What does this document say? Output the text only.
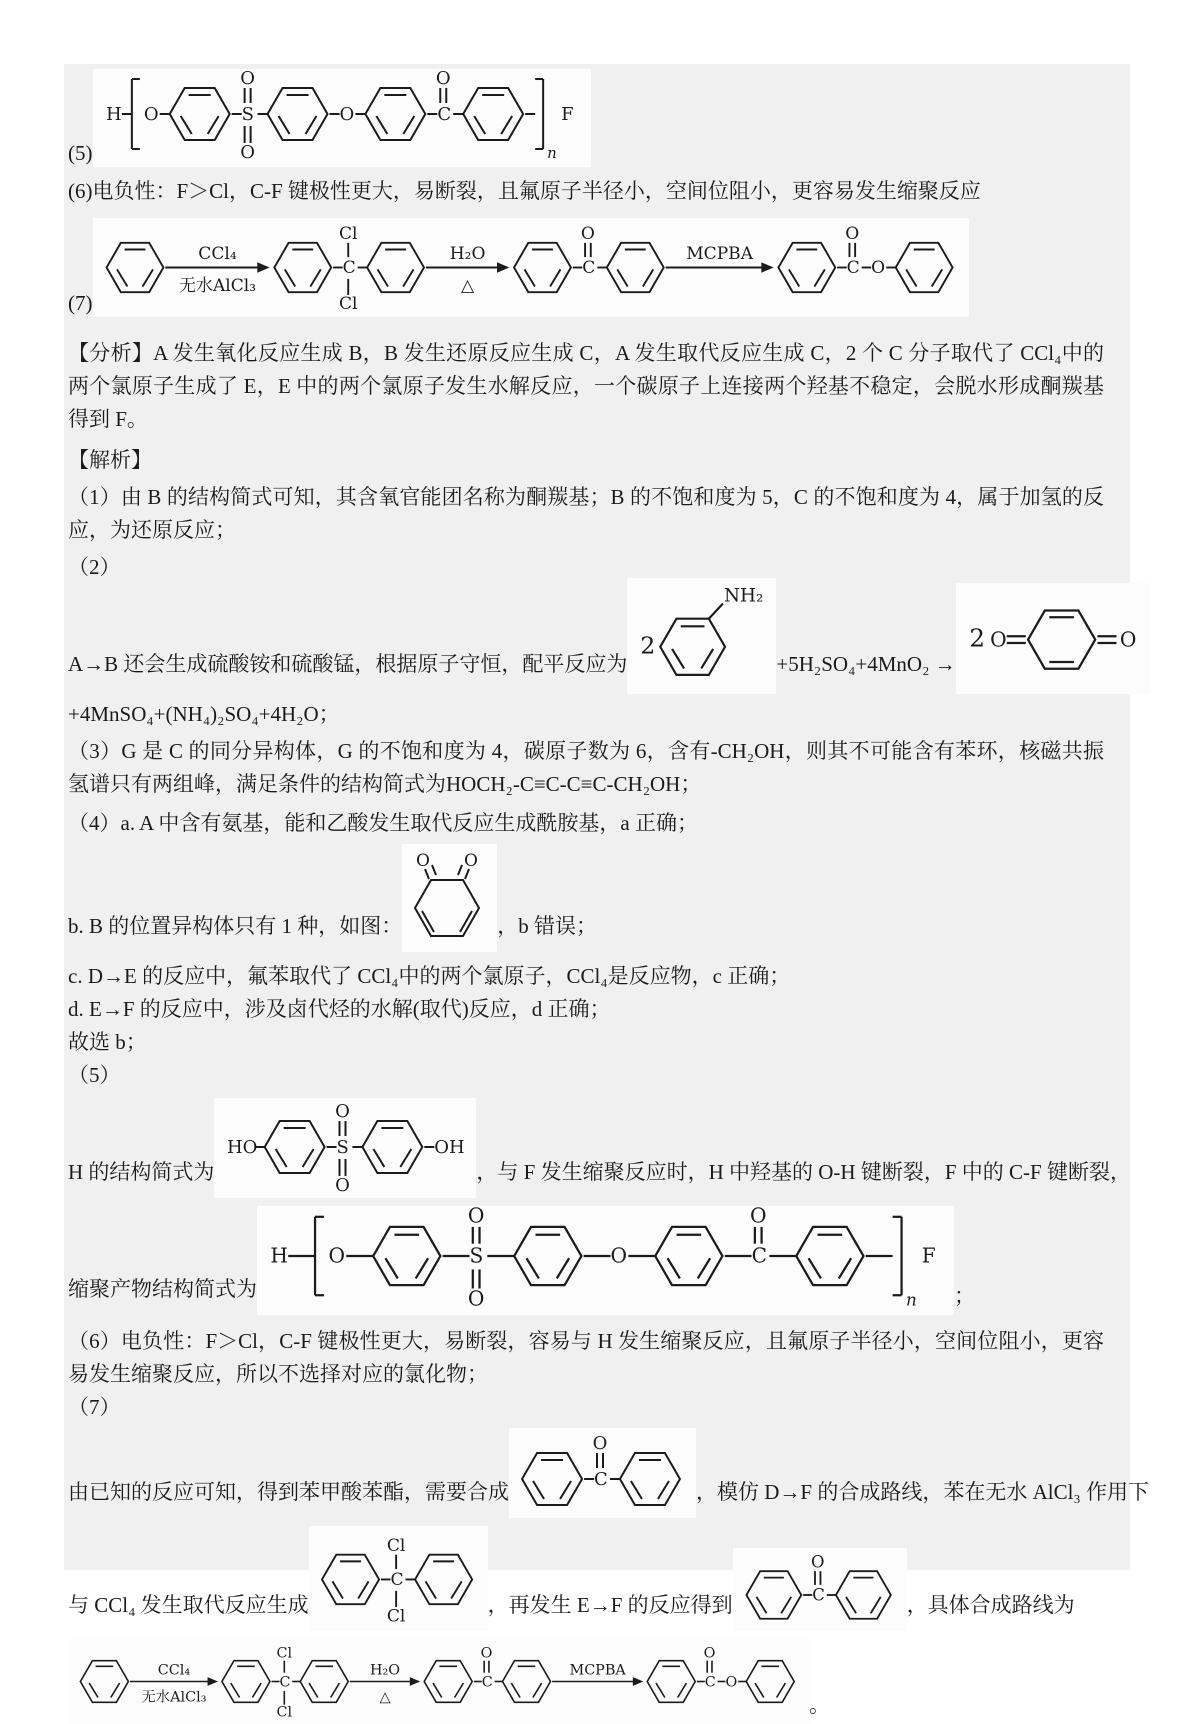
(5)
H O	S
O
O
O	C
O
n
F

(6)电负性：F＞Cl，C-F 键极性更大，易断裂，且氟原子半径小，空间位阻小，更容易发生缩聚反应

(7)
CCl₄
无水AlCl₃
C
Cl
Cl
H₂O
△
C
O
MCPBA
C
O
O

【分析】A 发生氧化反应生成 B，B 发生还原反应生成 C，A 发生取代反应生成 C，2 个 C 分子取代了 CCl₄中的两个氯原子生成了 E，E 中的两个氯原子发生水解反应，一个碳原子上连接两个羟基不稳定，会脱水形成酮羰基得到 F。

【解析】

（1）由 B 的结构简式可知，其含氧官能团名称为酮羰基；B 的不饱和度为 5，C 的不饱和度为 4，属于加氢的反应，为还原反应；

（2）

A→B 还会生成硫酸铵和硫酸锰，根据原子守恒，配平反应为
2
NH₂
+5H₂SO₄+4MnO₂ →
2 O	O

+4MnSO₄+(NH₄)₂SO₄+4H₂O；

（3）G 是 C 的同分异构体，G 的不饱和度为 4，碳原子数为 6，含有-CH₂OH，则其不可能含有苯环，核磁共振氢谱只有两组峰，满足条件的结构简式为HOCH₂-C≡C-C≡C-CH₂OH；

（4）a. A 中含有氨基，能和乙酸发生取代反应生成酰胺基，a 正确；

b. B 的位置异构体只有 1 种，如图：
O O
，b 错误；

c. D→E 的反应中，氟苯取代了 CCl₄中的两个氯原子，CCl₄是反应物，c 正确；

d. E→F 的反应中，涉及卤代烃的水解(取代)反应，d 正确；

故选 b；

（5）

H 的结构简式为
HO	S
O
O
OH
，与 F 发生缩聚反应时，H 中羟基的 O-H 键断裂，F 中的 C-F 键断裂，
缩聚产物结构简式为
H O	S
O
O
O	C
O
n
F
；

（6）电负性：F＞Cl，C-F 键极性更大，易断裂，容易与 H 发生缩聚反应，且氟原子半径小，空间位阻小，更容易发生缩聚反应，所以不选择对应的氯化物；

（7）

由已知的反应可知，得到苯甲酸苯酯，需要合成
C
O
，模仿 D→F 的合成路线，苯在无水 AlCl₃ 作用下
与 CCl₄ 发生取代反应生成
C
Cl
Cl	，再发生 E→F 的反应得到	C
O
，具体合成路线为
CCl₄
无水AlCl₃
C
Cl
Cl
H₂O
△
C
O
MCPBA
C
O
O
。
